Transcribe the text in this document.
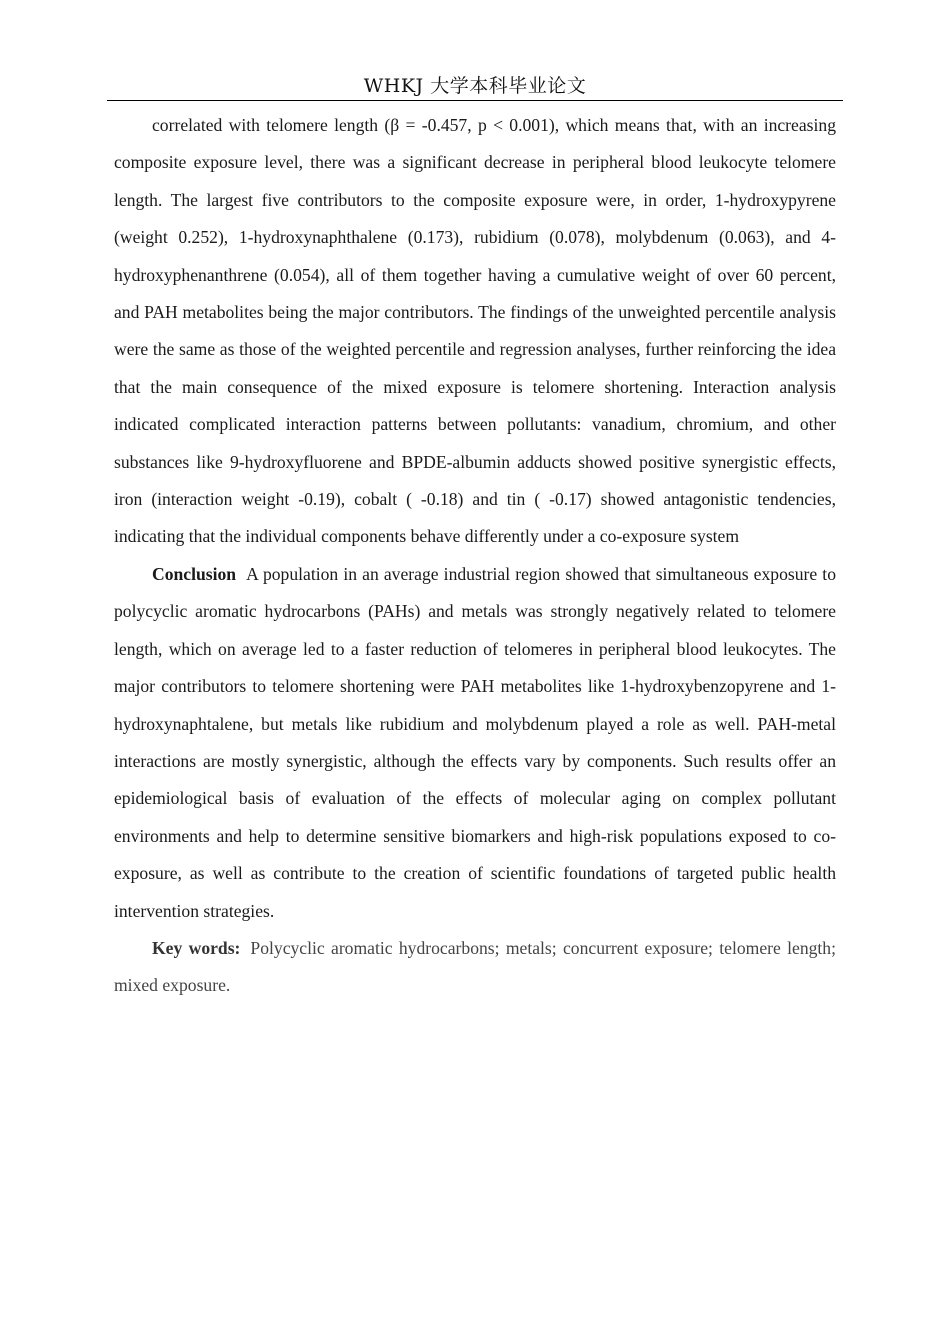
WHKJ 大学本科毕业论文

correlated with telomere length (β = -0.457, p < 0.001), which means that, with an increasing composite exposure level, there was a significant decrease in peripheral blood leukocyte telomere length. The largest five contributors to the composite exposure were, in order, 1-hydroxypyrene (weight 0.252), 1-hydroxynaphthalene (0.173), rubidium (0.078), molybdenum (0.063), and 4-hydroxyphenanthrene (0.054), all of them together having a cumulative weight of over 60 percent, and PAH metabolites being the major contributors. The findings of the unweighted percentile analysis were the same as those of the weighted percentile and regression analyses, further reinforcing the idea that the main consequence of the mixed exposure is telomere shortening. Interaction analysis indicated complicated interaction patterns between pollutants: vanadium, chromium, and other substances like 9-hydroxyfluorene and BPDE-albumin adducts showed positive synergistic effects, iron (interaction weight -0.19), cobalt ( -0.18) and tin ( -0.17) showed antagonistic tendencies, indicating that the individual components behave differently under a co-exposure system

Conclusion A population in an average industrial region showed that simultaneous exposure to polycyclic aromatic hydrocarbons (PAHs) and metals was strongly negatively related to telomere length, which on average led to a faster reduction of telomeres in peripheral blood leukocytes. The major contributors to telomere shortening were PAH metabolites like 1-hydroxybenzopyrene and 1-hydroxynaphtalene, but metals like rubidium and molybdenum played a role as well. PAH-metal interactions are mostly synergistic, although the effects vary by components. Such results offer an epidemiological basis of evaluation of the effects of molecular aging on complex pollutant environments and help to determine sensitive biomarkers and high-risk populations exposed to co-exposure, as well as contribute to the creation of scientific foundations of targeted public health intervention strategies.

Key words: Polycyclic aromatic hydrocarbons; metals; concurrent exposure; telomere length; mixed exposure.
